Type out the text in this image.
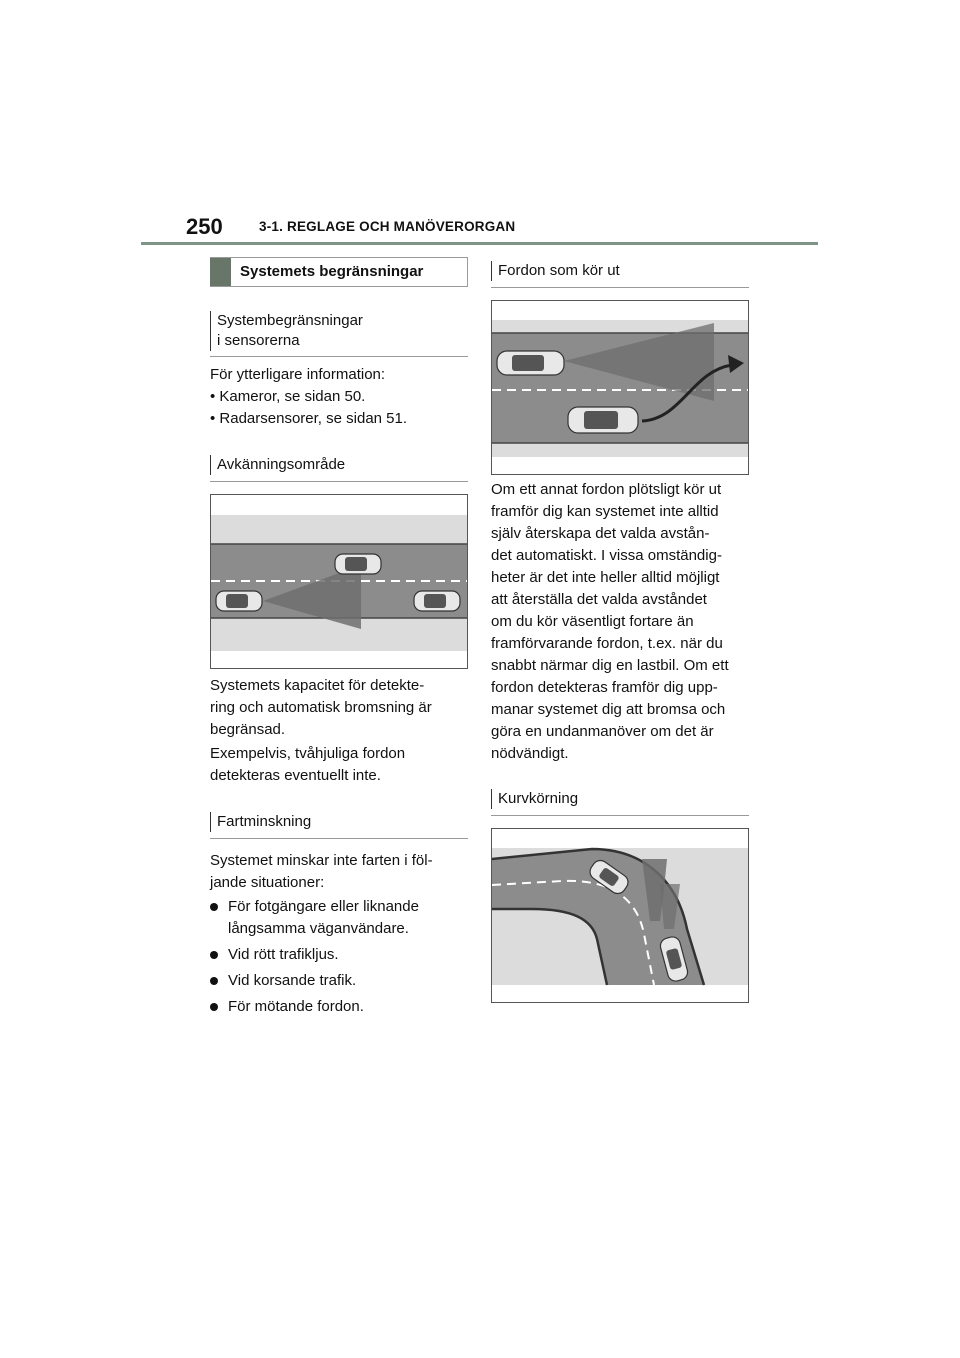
250	3-1. REGLAGE OCH MANÖVERORGAN
Systemets begränsningar
Systembegränsningar
i sensorerna
För ytterligare information:
• Kameror, se sidan 50.
• Radarsensorer, se sidan 51.
Avkänningsområde
Systemets kapacitet för detekte-
ring och automatisk bromsning är
begränsad.
Exempelvis, tvåhjuliga fordon
detekteras eventuellt inte.
Fartminskning
Systemet minskar inte farten i föl-
jande situationer:
För fotgängare eller liknande
långsamma väganvändare.
Vid rött trafikljus.
Vid korsande trafik.
För mötande fordon.
Fordon som kör ut
Om ett annat fordon plötsligt kör ut
framför dig kan systemet inte alltid
själv återskapa det valda avstån-
det automatiskt. I vissa omständig-
heter är det inte heller alltid möjligt
att återställa det valda avståndet
om du kör väsentligt fortare än
framförvarande fordon, t.ex. när du
snabbt närmar dig en lastbil. Om ett
fordon detekteras framför dig upp-
manar systemet dig att bromsa och
göra en undanmanöver om det är
nödvändigt.
Kurvkörning
